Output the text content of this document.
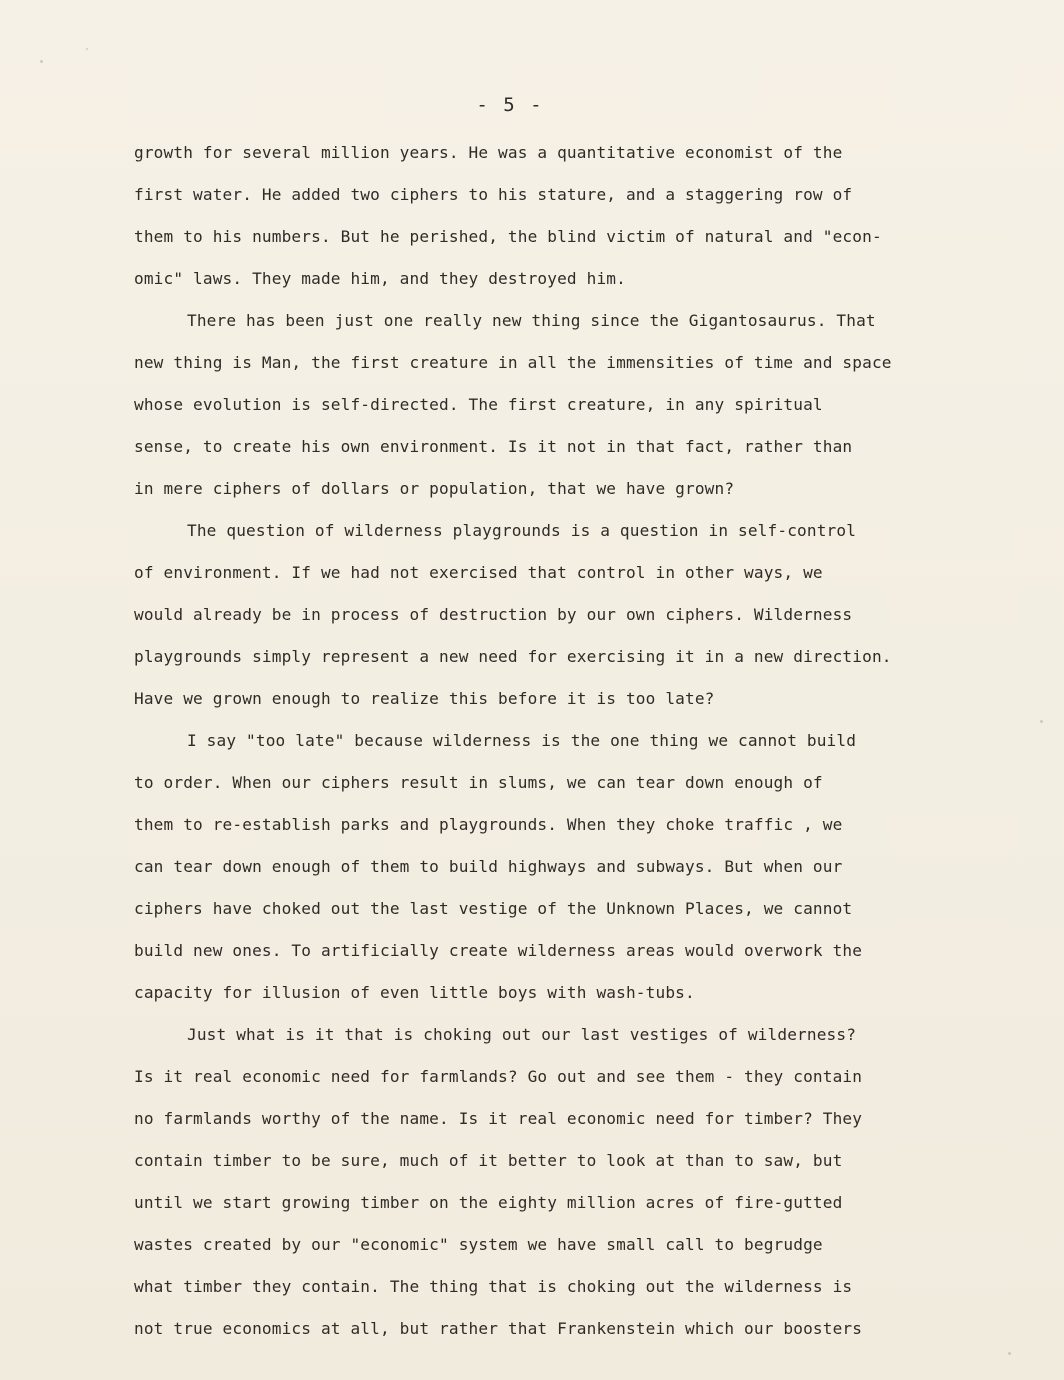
- 5 -
growth for several million years. He was a quantitative economist of the
first water. He added two ciphers to his stature, and a staggering row of
them to his numbers. But he perished, the blind victim of natural and "econ-
omic" laws. They made him, and they destroyed him.
There has been just one really new thing since the Gigantosaurus. That
new thing is Man, the first creature in all the immensities of time and space
whose evolution is self-directed. The first creature, in any spiritual
sense, to create his own environment. Is it not in that fact, rather than
in mere ciphers of dollars or population, that we have grown?
The question of wilderness playgrounds is a question in self-control
of environment. If we had not exercised that control in other ways, we
would already be in process of destruction by our own ciphers. Wilderness
playgrounds simply represent a new need for exercising it in a new direction.
Have we grown enough to realize this before it is too late?
I say "too late" because wilderness is the one thing we cannot build
to order. When our ciphers result in slums, we can tear down enough of
them to re-establish parks and playgrounds. When they choke traffic , we
can tear down enough of them to build highways and subways. But when our
ciphers have choked out the last vestige of the Unknown Places, we cannot
build new ones. To artificially create wilderness areas would overwork the
capacity for illusion of even little boys with wash-tubs.
Just what is it that is choking out our last vestiges of wilderness?
Is it real economic need for farmlands? Go out and see them - they contain
no farmlands worthy of the name. Is it real economic need for timber? They
contain timber to be sure, much of it better to look at than to saw, but
until we start growing timber on the eighty million acres of fire-gutted
wastes created by our "economic" system we have small call to begrudge
what timber they contain. The thing that is choking out the wilderness is
not true economics at all, but rather that Frankenstein which our boosters
